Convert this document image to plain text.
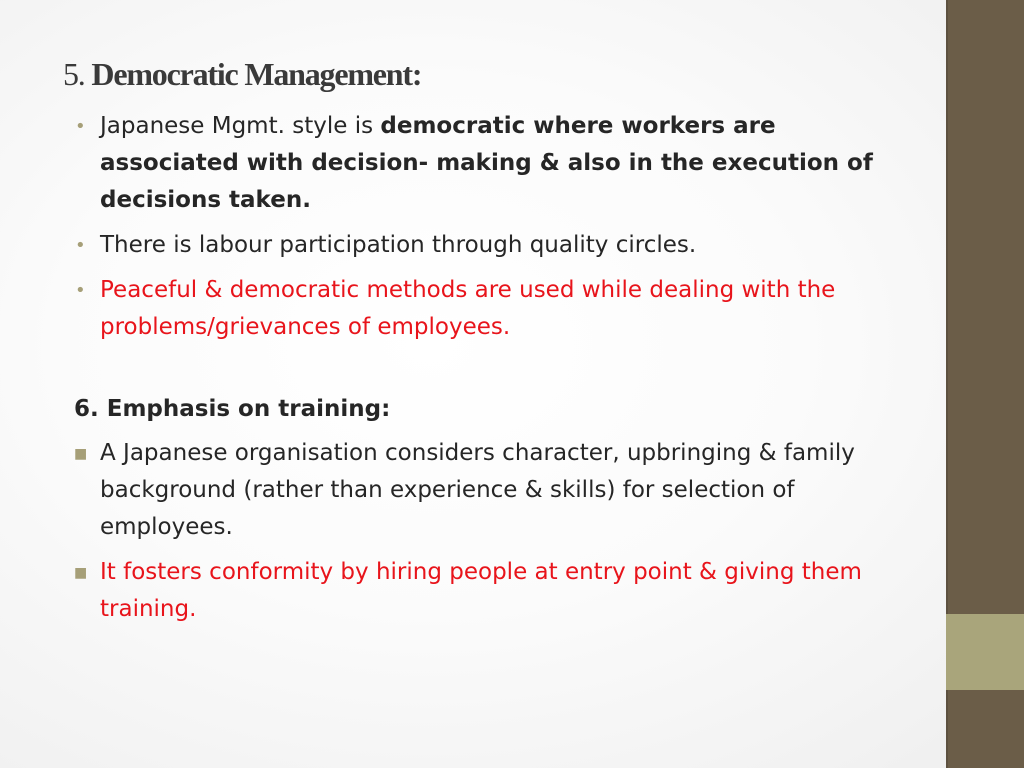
5. Democratic Management:
• Japanese Mgmt. style is democratic where workers are associated with decision- making & also in the execution of decisions taken.
• There is labour participation through quality circles.
• Peaceful & democratic methods are used while dealing with the problems/grievances of employees.
6. Emphasis on training:
■ A Japanese organisation considers character, upbringing & family background (rather than experience & skills) for selection of employees.
■ It fosters conformity by hiring people at entry point & giving them training.
